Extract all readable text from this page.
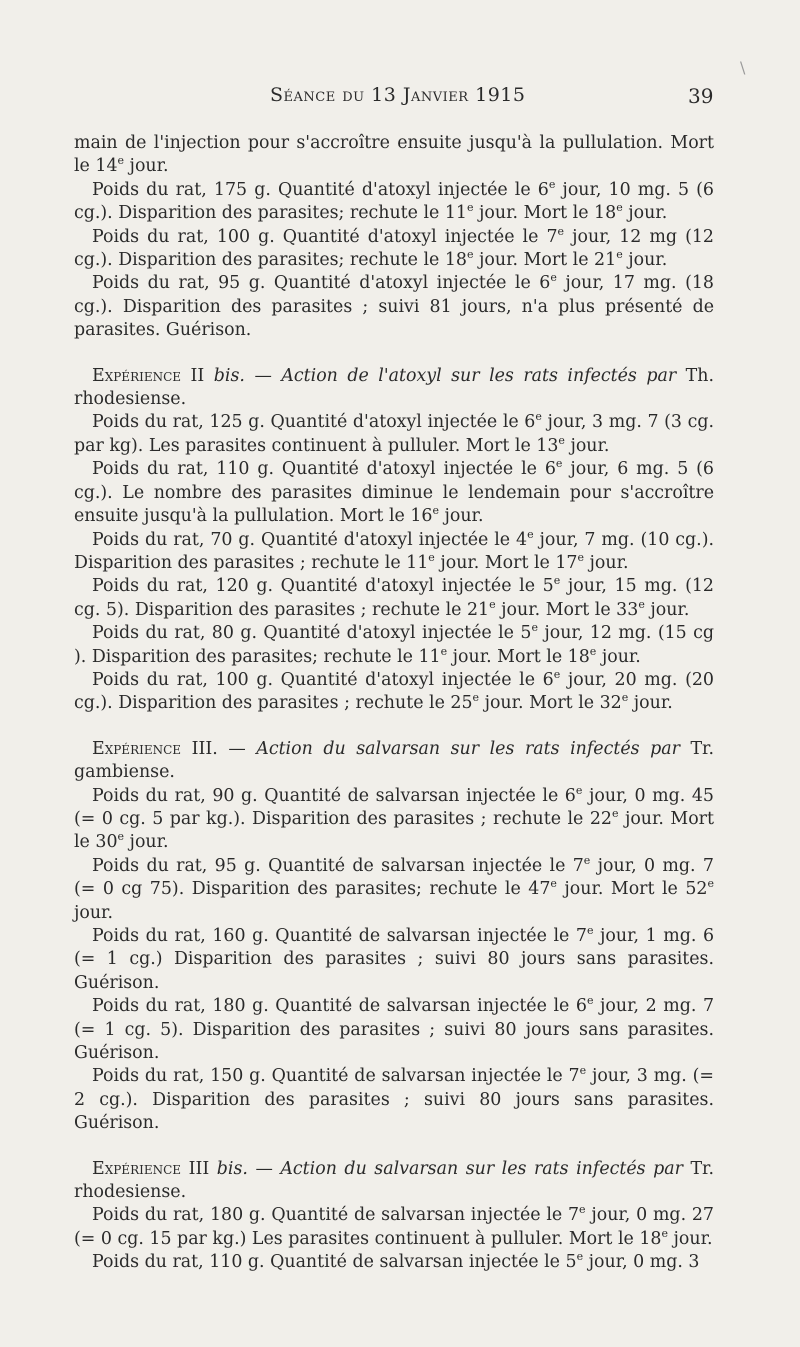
Séance du 13 Janvier 1915	39

main de l'injection pour s'accroître ensuite jusqu'à la pullulation. Mort le 14e jour.

Poids du rat, 175 g. Quantité d'atoxyl injectée le 6e jour, 10 mg. 5 (6 cg.). Disparition des parasites; rechute le 11e jour. Mort le 18e jour.

Poids du rat, 100 g. Quantité d'atoxyl injectée le 7e jour, 12 mg (12 cg.). Disparition des parasites; rechute le 18e jour. Mort le 21e jour.

Poids du rat, 95 g. Quantité d'atoxyl injectée le 6e jour, 17 mg. (18 cg.). Disparition des parasites ; suivi 81 jours, n'a plus présenté de parasites. Guérison.

Expérience II bis. — Action de l'atoxyl sur les rats infectés par Th. rhodesiense.

Poids du rat, 125 g. Quantité d'atoxyl injectée le 6e jour, 3 mg. 7 (3 cg. par kg). Les parasites continuent à pulluler. Mort le 13e jour.

Poids du rat, 110 g. Quantité d'atoxyl injectée le 6e jour, 6 mg. 5 (6 cg.). Le nombre des parasites diminue le lendemain pour s'accroître ensuite jusqu'à la pullulation. Mort le 16e jour.

Poids du rat, 70 g. Quantité d'atoxyl injectée le 4e jour, 7 mg. (10 cg.). Disparition des parasites ; rechute le 11e jour. Mort le 17e jour.

Poids du rat, 120 g. Quantité d'atoxyl injectée le 5e jour, 15 mg. (12 cg. 5). Disparition des parasites ; rechute le 21e jour. Mort le 33e jour.

Poids du rat, 80 g. Quantité d'atoxyl injectée le 5e jour, 12 mg. (15 cg ). Disparition des parasites; rechute le 11e jour. Mort le 18e jour.

Poids du rat, 100 g. Quantité d'atoxyl injectée le 6e jour, 20 mg. (20 cg.). Disparition des parasites ; rechute le 25e jour. Mort le 32e jour.

Expérience III. — Action du salvarsan sur les rats infectés par Tr. gambiense.

Poids du rat, 90 g. Quantité de salvarsan injectée le 6e jour, 0 mg. 45 (= 0 cg. 5 par kg.). Disparition des parasites ; rechute le 22e jour. Mort le 30e jour.

Poids du rat, 95 g. Quantité de salvarsan injectée le 7e jour, 0 mg. 7 (= 0 cg 75). Disparition des parasites; rechute le 47e jour. Mort le 52e jour.

Poids du rat, 160 g. Quantité de salvarsan injectée le 7e jour, 1 mg. 6 (= 1 cg.) Disparition des parasites ; suivi 80 jours sans parasites. Guérison.

Poids du rat, 180 g. Quantité de salvarsan injectée le 6e jour, 2 mg. 7 (= 1 cg. 5). Disparition des parasites ; suivi 80 jours sans parasites. Guérison.

Poids du rat, 150 g. Quantité de salvarsan injectée le 7e jour, 3 mg. (= 2 cg.). Disparition des parasites ; suivi 80 jours sans parasites. Guérison.

Expérience III bis. — Action du salvarsan sur les rats infectés par Tr. rhodesiense.

Poids du rat, 180 g. Quantité de salvarsan injectée le 7e jour, 0 mg. 27 (= 0 cg. 15 par kg.) Les parasites continuent à pulluler. Mort le 18e jour.

Poids du rat, 110 g. Quantité de salvarsan injectée le 5e jour, 0 mg. 3

\
